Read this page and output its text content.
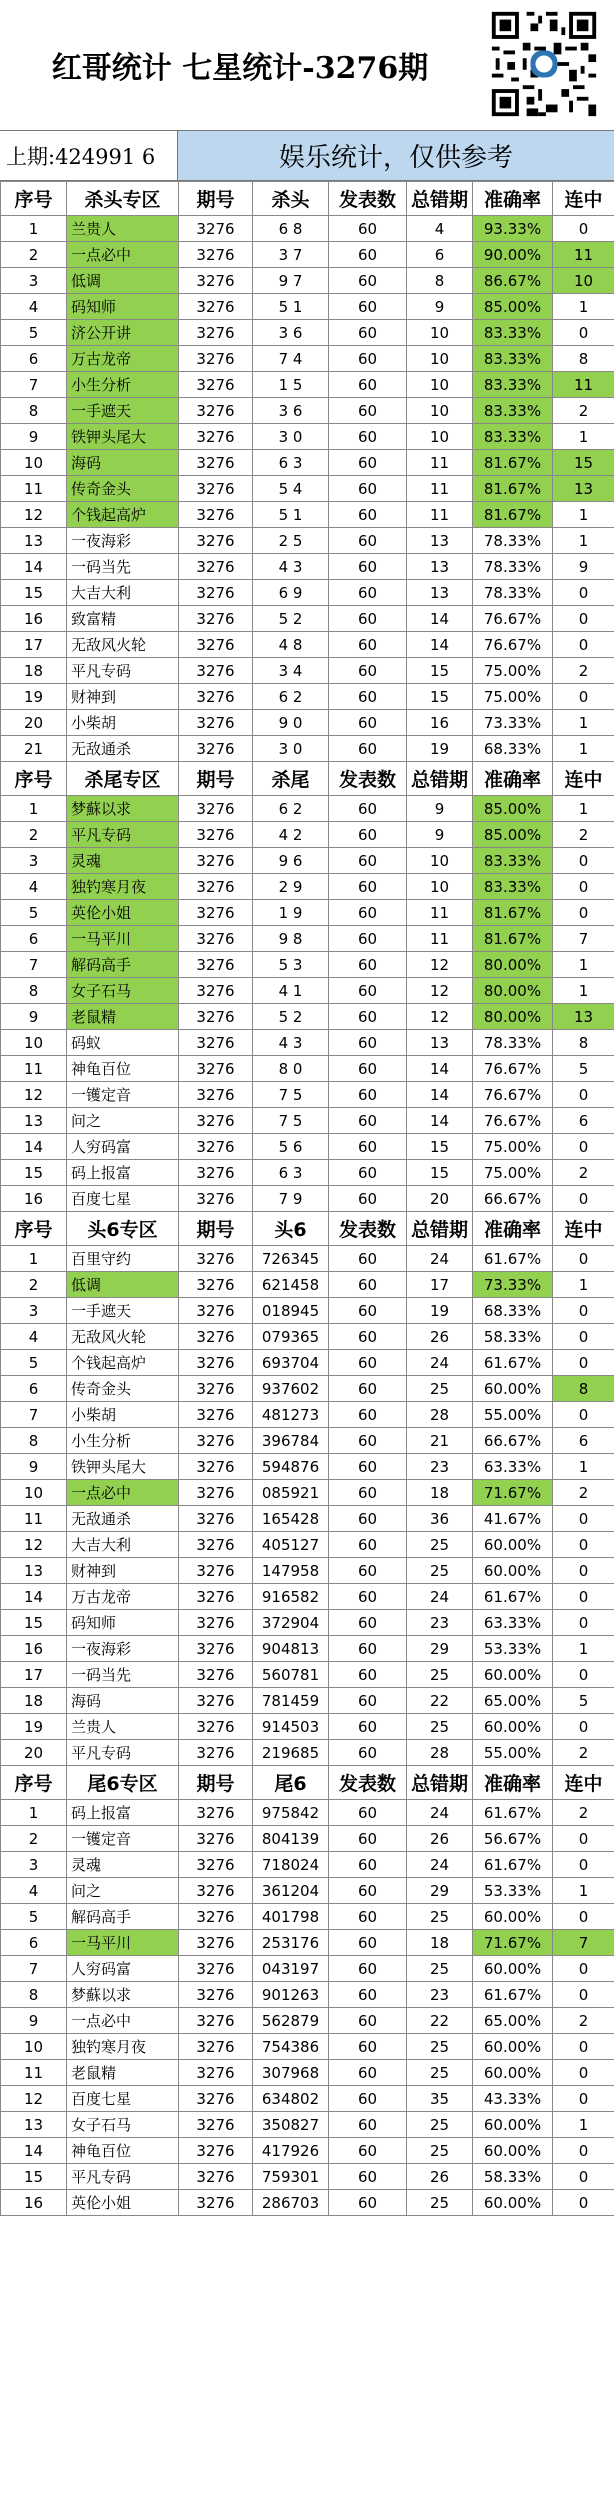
红哥统计 七星统计-3276期
上期:424991 6	娱乐统计，仅供参考
序号	杀头专区	期号	杀头	发表数	总错期	准确率	连中
1	兰贵人	3276	6 8	60	4	93.33%	0
2	一点必中	3276	3 7	60	6	90.00%	11
3	低调	3276	9 7	60	8	86.67%	10
4	码知师	3276	5 1	60	9	85.00%	1
5	济公开讲	3276	3 6	60	10	83.33%	0
6	万古龙帝	3276	7 4	60	10	83.33%	8
7	小生分析	3276	1 5	60	10	83.33%	11
8	一手遮天	3276	3 6	60	10	83.33%	2
9	铁钾头尾大	3276	3 0	60	10	83.33%	1
10	海码	3276	6 3	60	11	81.67%	15
11	传奇金头	3276	5 4	60	11	81.67%	13
12	个钱起高炉	3276	5 1	60	11	81.67%	1
13	一夜海彩	3276	2 5	60	13	78.33%	1
14	一码当先	3276	4 3	60	13	78.33%	9
15	大吉大利	3276	6 9	60	13	78.33%	0
16	致富精	3276	5 2	60	14	76.67%	0
17	无敌风火轮	3276	4 8	60	14	76.67%	0
18	平凡专码	3276	3 4	60	15	75.00%	2
19	财神到	3276	6 2	60	15	75.00%	0
20	小柴胡	3276	9 0	60	16	73.33%	1
21	无敌通杀	3276	3 0	60	19	68.33%	1
序号	杀尾专区	期号	杀尾	发表数	总错期	准确率	连中
1	梦蘇以求	3276	6 2	60	9	85.00%	1
2	平凡专码	3276	4 2	60	9	85.00%	2
3	灵魂	3276	9 6	60	10	83.33%	0
4	独钓寒月夜	3276	2 9	60	10	83.33%	0
5	英伦小姐	3276	1 9	60	11	81.67%	0
6	一马平川	3276	9 8	60	11	81.67%	7
7	解码高手	3276	5 3	60	12	80.00%	1
8	女子石马	3276	4 1	60	12	80.00%	1
9	老鼠精	3276	5 2	60	12	80.00%	13
10	码蚁	3276	4 3	60	13	78.33%	8
11	神龟百位	3276	8 0	60	14	76.67%	5
12	一镬定音	3276	7 5	60	14	76.67%	0
13	问之	3276	7 5	60	14	76.67%	6
14	人穷码富	3276	5 6	60	15	75.00%	0
15	码上报富	3276	6 3	60	15	75.00%	2
16	百度七星	3276	7 9	60	20	66.67%	0
序号	头6专区	期号	头6	发表数	总错期	准确率	连中
1	百里守约	3276	726345	60	24	61.67%	0
2	低调	3276	621458	60	17	73.33%	1
3	一手遮天	3276	018945	60	19	68.33%	0
4	无敌风火轮	3276	079365	60	26	58.33%	0
5	个钱起高炉	3276	693704	60	24	61.67%	0
6	传奇金头	3276	937602	60	25	60.00%	8
7	小柴胡	3276	481273	60	28	55.00%	0
8	小生分析	3276	396784	60	21	66.67%	6
9	铁钾头尾大	3276	594876	60	23	63.33%	1
10	一点必中	3276	085921	60	18	71.67%	2
11	无敌通杀	3276	165428	60	36	41.67%	0
12	大吉大利	3276	405127	60	25	60.00%	0
13	财神到	3276	147958	60	25	60.00%	0
14	万古龙帝	3276	916582	60	24	61.67%	0
15	码知师	3276	372904	60	23	63.33%	0
16	一夜海彩	3276	904813	60	29	53.33%	1
17	一码当先	3276	560781	60	25	60.00%	0
18	海码	3276	781459	60	22	65.00%	5
19	兰贵人	3276	914503	60	25	60.00%	0
20	平凡专码	3276	219685	60	28	55.00%	2
序号	尾6专区	期号	尾6	发表数	总错期	准确率	连中
1	码上报富	3276	975842	60	24	61.67%	2
2	一镬定音	3276	804139	60	26	56.67%	0
3	灵魂	3276	718024	60	24	61.67%	0
4	问之	3276	361204	60	29	53.33%	1
5	解码高手	3276	401798	60	25	60.00%	0
6	一马平川	3276	253176	60	18	71.67%	7
7	人穷码富	3276	043197	60	25	60.00%	0
8	梦蘇以求	3276	901263	60	23	61.67%	0
9	一点必中	3276	562879	60	22	65.00%	2
10	独钓寒月夜	3276	754386	60	25	60.00%	0
11	老鼠精	3276	307968	60	25	60.00%	0
12	百度七星	3276	634802	60	35	43.33%	0
13	女子石马	3276	350827	60	25	60.00%	1
14	神龟百位	3276	417926	60	25	60.00%	0
15	平凡专码	3276	759301	60	26	58.33%	0
16	英伦小姐	3276	286703	60	25	60.00%	0
